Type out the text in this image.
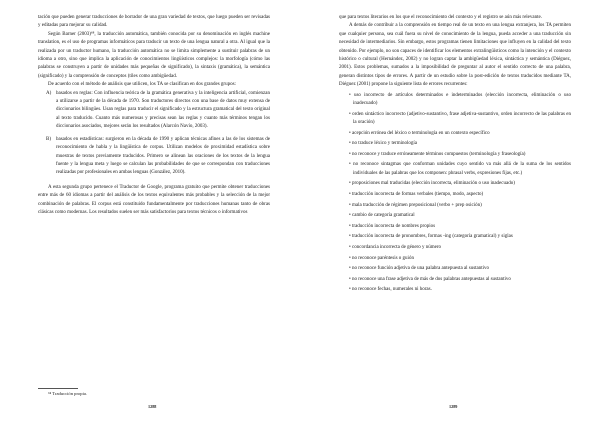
tación que pueden generar traducciones de borrador de una gran variedad de textos, que luego pueden ser revisadas y editadas para mejorar su calidad.

Según Barner (2003)⁶⁸, la traducción automática, también conocida por su denominación en inglés machine translation, es el uso de programas informáticos para traducir un texto de una lengua natural a otra. Al igual que la realizada por un traductor humano, la traducción automática no se limita simplemente a sustituir palabras de un idioma a otro, sino que implica la aplicación de conocimientos lingüísticos complejos: la morfología (cómo las palabras se construyen a partir de unidades más pequeñas de significado), la sintaxis (gramática), la semántica (significado) y la comprensión de conceptos (tiles como ambigüedad.

De acuerdo con el método de análisis que utilicen, los TA se clasifican en dos grandes grupos:

A) basados en reglas: Con influencia teórica de la gramática generativa y la inteligencia artificial, comienzan a utilizarse a partir de la década de 1970. Son traductores directos con una base de datos muy extensa de diccionarios bilingües. Usan reglas para traducir el significado y la estructura gramatical del texto original al texto traducido. Cuanto más numerosas y precisas sean las reglas y cuanto más términos tengan los diccionarios asociados, mejores serán los resultados (Alarcón Navío, 2003).
B) basados en estadísticas: surgieron en la década de 1990 y aplican técnicas afines a las de los sistemas de reconocimiento de habla y la lingüística de corpus. Utilizan modelos de proximidad estadística sobre muestras de textos previamente traducidos. Primero se alinean las oraciones de los textos de la lengua fuente y la lengua meta y luego se calculan las probabilidades de que se correspondan con traducciones realizadas por profesionales en ambas lenguas (González, 2010).

A esta segunda grupo pertenece el Traductor de Google, programa gratuito que permite obtener traducciones entre más de 60 idiomas a partir del análisis de los textos equivalentes más probables y la selección de la mejor combinación de palabras. El corpus está constituido fundamentalmente por traducciones humanas tanto de obras clásicas como modernas. Los resultados suelen ser más satisfactorios para textos técnicos o informativos

⁶⁸ Traducción propia.
1288

que para textos literarios en los que el reconocimiento del contexto y el registro se aún más relevante.

A demás de contribuir a la comprensión en tiempo real de un texto en una lengua extranjera, los TA permiten que cualquier persona, sea cuál fuera su nivel de conocimiento de la lengua, pueda acceder a una traducción sin necesidad de intermediarios. Sin embargo, estos programas tienen limitaciones que influyen en la calidad del texto obtenido. Por ejemplo, no son capaces de identificar los elementos extralingüísticos como la intención y el contexto histórico o cultural (Hernández, 2002) y no logran captar la ambigüedad léxica, sintáctica y semántica (Diéguez, 2001). Estos problemas, sumados a la imposibilidad de preguntar al autor el sentido correcto de una palabra, generan distintos tipos de errores. A partir de un estudio sobre la post-edición de textos traducidos mediante TA, Diéguez (2001) propone la siguiente lista de errores recurrentes:

• uso incorrecto de artículos determinados e indeterminados (elección incorrecta, eliminación o uso inadecuado)
• orden sintáctico incorrecto (adjetivo-sustantivo, frase adjetiva-sustantivo, orden incorrecto de las palabras en la oración)
• acepción errónea del léxico o terminología en un contexto específico
• no traduce léxico y terminología
• no reconoce y traduce erróneamente términos compuestos (terminología y fraseología)
• no reconoce sintagmas que conforman unidades cuyo sentido va más allá de la suma de los sentidos individuales de las palabras que los componen: phrasal verbs, expresiones fijas, etc.)
• proposiciones mal traducidas (elección incorrecta, eliminación o uso inadecuado)
• traducción incorrecta de formas verbales (tiempo, modo, aspecto)
• mala traducción de régimen preposicional (verbo + prep osición)
• cambio de categoría gramatical
• traducción incorrecta de nombres propios
• traducción incorrecta de pronombres, formas -ing (categoría gramatical) y siglas
• concordancia incorrecta de género y número
• no reconoce paréntesis o guión
• no reconoce función adjetiva de una palabra antepuesta al sustantivo
• no reconoce una frase adjetiva de más de dos palabras antepuestas al sustantivo
• no reconoce fechas, numerales ni horas.
1289
